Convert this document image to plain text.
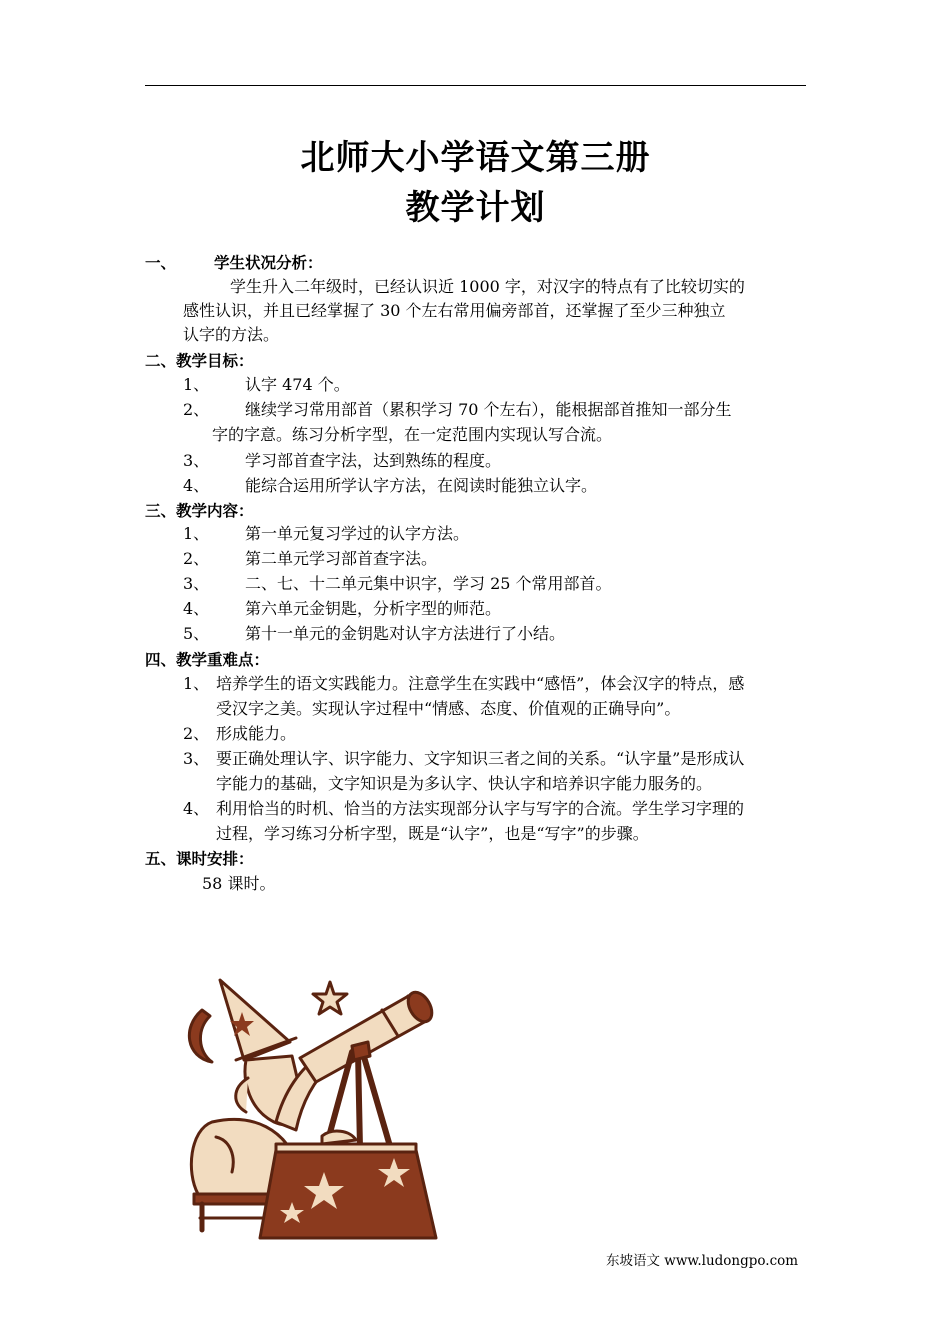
北师大小学语文第三册
教学计划
一、 学生状况分析：
学生升入二年级时，已经认识近 1000 字，对汉字的特点有了比较切实的
感性认识，并且已经掌握了 30 个左右常用偏旁部首，还掌握了至少三种独立
认字的方法。
二、教学目标：
1、 认字 474 个。
2、 继续学习常用部首（累积学习 70 个左右），能根据部首推知一部分生
字的字意。练习分析字型，在一定范围内实现认写合流。
3、 学习部首查字法，达到熟练的程度。
4、 能综合运用所学认字方法，在阅读时能独立认字。
三、教学内容：
1、 第一单元复习学过的认字方法。
2、 第二单元学习部首查字法。
3、 二、七、十二单元集中识字，学习 25 个常用部首。
4、 第六单元金钥匙，分析字型的师范。
5、 第十一单元的金钥匙对认字方法进行了小结。
四、教学重难点：
1、 培养学生的语文实践能力。注意学生在实践中“感悟”，体会汉字的特点，感
受汉字之美。实现认字过程中“情感、态度、价值观的正确导向”。
2、 形成能力。
3、 要正确处理认字、识字能力、文字知识三者之间的关系。“认字量”是形成认
字能力的基础，文字知识是为多认字、快认字和培养识字能力服务的。
4、 利用恰当的时机、恰当的方法实现部分认字与写字的合流。学生学习字理的
过程，学习练习分析字型，既是“认字”，也是“写字”的步骤。
五、课时安排：
58 课时。
东坡语文 www.ludongpo.com
